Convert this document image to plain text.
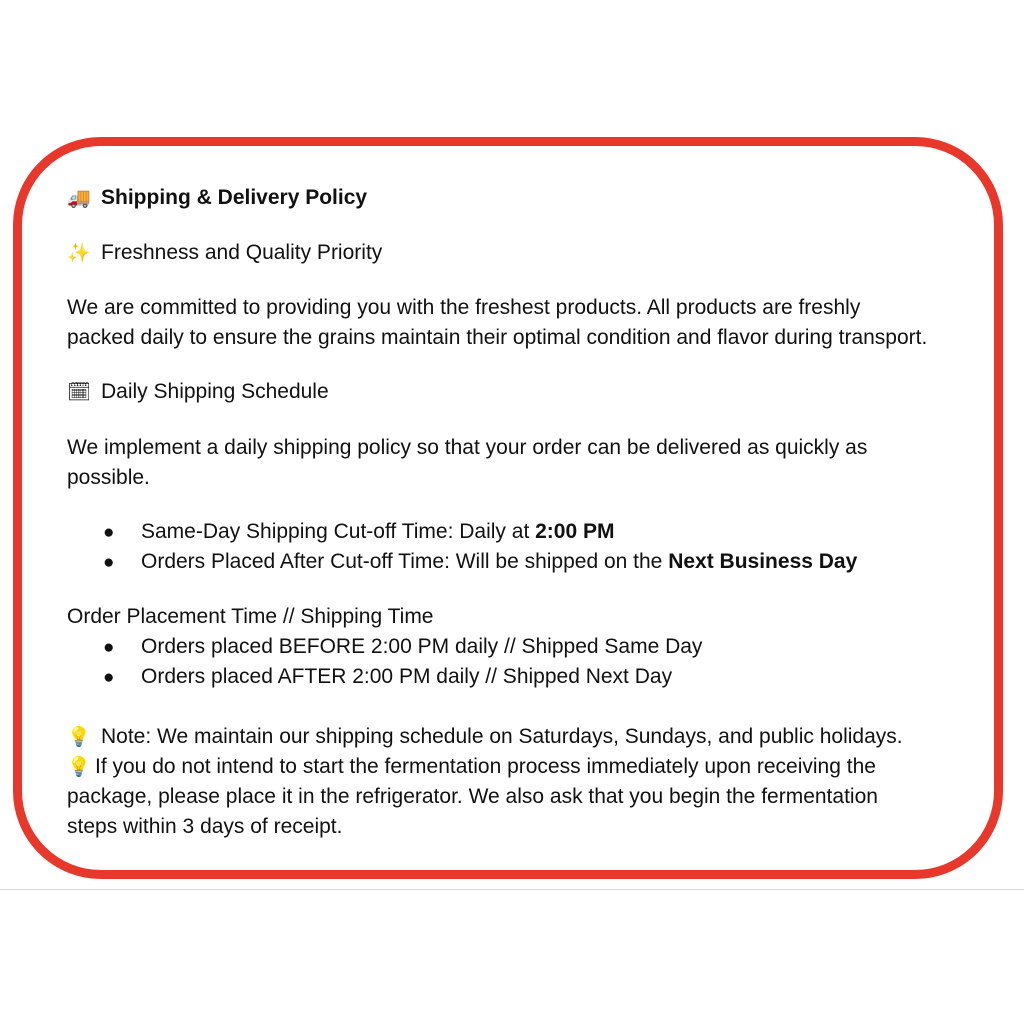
🚚 Shipping & Delivery Policy
✨ Freshness and Quality Priority
We are committed to providing you with the freshest products. All products are freshly
packed daily to ensure the grains maintain their optimal condition and flavor during transport.
🗓 Daily Shipping Schedule
We implement a daily shipping policy so that your order can be delivered as quickly as
possible.
● Same-Day Shipping Cut-off Time: Daily at 2:00 PM
● Orders Placed After Cut-off Time: Will be shipped on the Next Business Day
Order Placement Time // Shipping Time
● Orders placed BEFORE 2:00 PM daily // Shipped Same Day
● Orders placed AFTER 2:00 PM daily // Shipped Next Day
💡 Note: We maintain our shipping schedule on Saturdays, Sundays, and public holidays.
💡 If you do not intend to start the fermentation process immediately upon receiving the
package, please place it in the refrigerator. We also ask that you begin the fermentation
steps within 3 days of receipt.
